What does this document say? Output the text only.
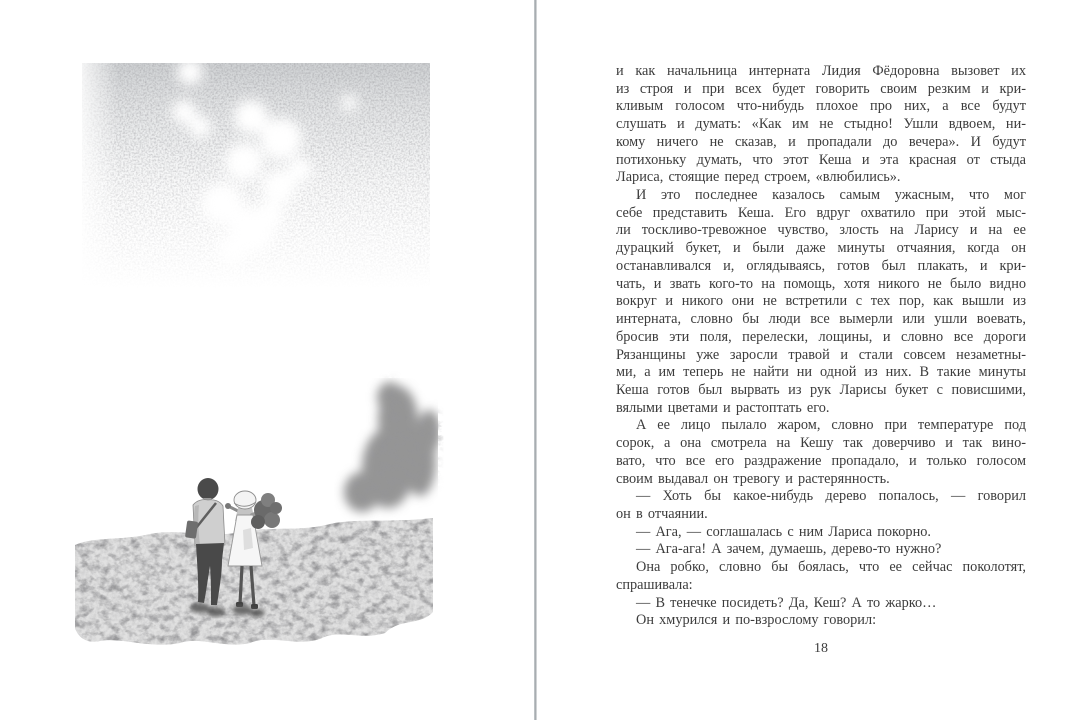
и как начальница интерната Лидия Фёдоровна вызовет их
из строя и при всех будет говорить своим резким и кри-
кливым голосом что-нибудь плохое про них, а все будут
слушать и думать: «Как им не стыдно! Ушли вдвоем, ни-
кому ничего не сказав, и пропадали до вечера». И будут
потихоньку думать, что этот Кеша и эта красная от стыда
Лариса, стоящие перед строем, «влюбились».
И это последнее казалось самым ужасным, что мог
себе представить Кеша. Его вдруг охватило при этой мыс-
ли тоскливо-тревожное чувство, злость на Ларису и на ее
дурацкий букет, и были даже минуты отчаяния, когда он
останавливался и, оглядываясь, готов был плакать, и кри-
чать, и звать кого-то на помощь, хотя никого не было видно
вокруг и никого они не встретили с тех пор, как вышли из
интерната, словно бы люди все вымерли или ушли воевать,
бросив эти поля, перелески, лощины, и словно все дороги
Рязанщины уже заросли травой и стали совсем незаметны-
ми, а им теперь не найти ни одной из них. В такие минуты
Кеша готов был вырвать из рук Ларисы букет с повисшими,
вялыми цветами и растоптать его.
А ее лицо пылало жаром, словно при температуре под
сорок, а она смотрела на Кешу так доверчиво и так вино-
вато, что все его раздражение пропадало, и только голосом
своим выдавал он тревогу и растерянность.
— Хоть бы какое-нибудь дерево попалось, — говорил
он в отчаянии.
— Ага, — соглашалась с ним Лариса покорно.
— Ага-ага! А зачем, думаешь, дерево-то нужно?
Она робко, словно бы боялась, что ее сейчас поколотят,
спрашивала:
— В тенечке посидеть? Да, Кеш? А то жарко…
Он хмурился и по-взрослому говорил:
18
